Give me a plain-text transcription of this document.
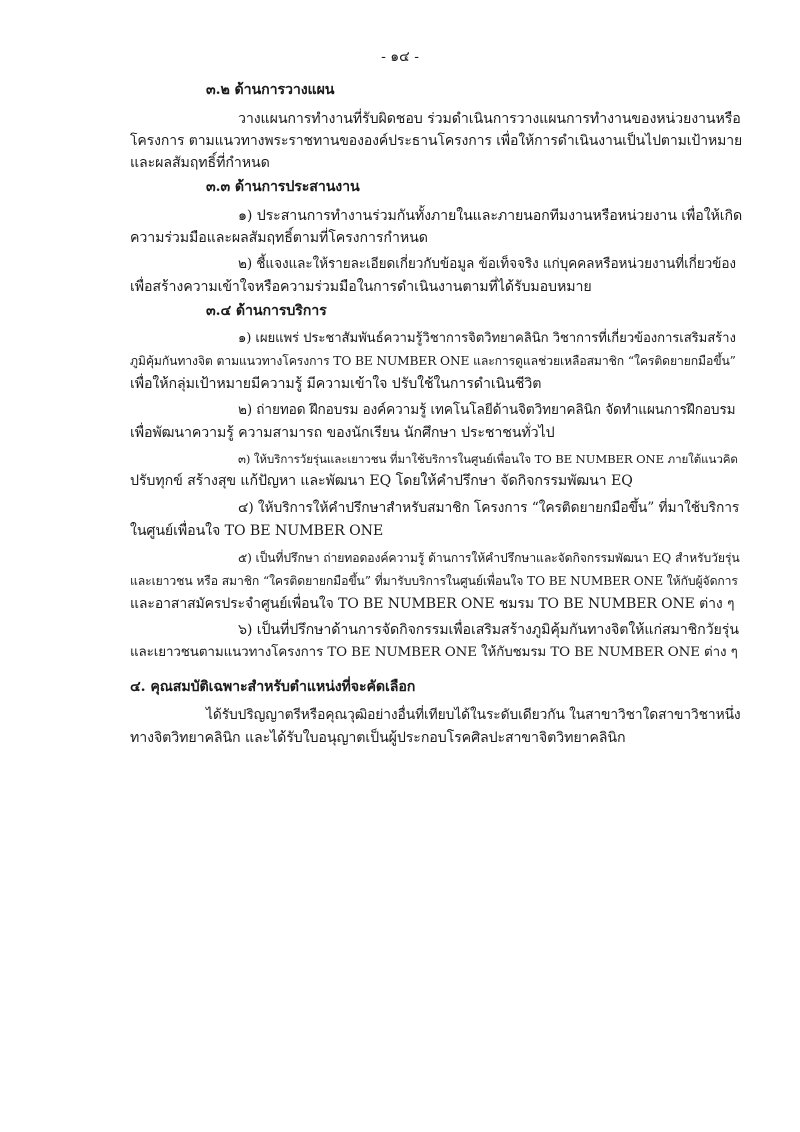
- ๑๔ -
๓.๒ ด้านการวางแผน
วางแผนการทำงานที่รับผิดชอบ ร่วมดำเนินการวางแผนการทำงานของหน่วยงานหรือ
โครงการ ตามแนวทางพระราชทานขององค์ประธานโครงการ เพื่อให้การดำเนินงานเป็นไปตามเป้าหมาย
และผลสัมฤทธิ์ที่กำหนด
๓.๓ ด้านการประสานงาน
๑) ประสานการทำงานร่วมกันทั้งภายในและภายนอกทีมงานหรือหน่วยงาน เพื่อให้เกิด
ความร่วมมือและผลสัมฤทธิ์ตามที่โครงการกำหนด
๒) ชี้แจงและให้รายละเอียดเกี่ยวกับข้อมูล ข้อเท็จจริง แก่บุคคลหรือหน่วยงานที่เกี่ยวข้อง
เพื่อสร้างความเข้าใจหรือความร่วมมือในการดำเนินงานตามที่ได้รับมอบหมาย
๓.๔ ด้านการบริการ
๑) เผยแพร่ ประชาสัมพันธ์ความรู้วิชาการจิตวิทยาคลินิก วิชาการที่เกี่ยวข้องการเสริมสร้าง
ภูมิคุ้มกันทางจิต ตามแนวทางโครงการ TO BE NUMBER ONE และการดูแลช่วยเหลือสมาชิก “ใครติดยายกมือขึ้น”
เพื่อให้กลุ่มเป้าหมายมีความรู้ มีความเข้าใจ ปรับใช้ในการดำเนินชีวิต
๒) ถ่ายทอด ฝึกอบรม องค์ความรู้ เทคโนโลยีด้านจิตวิทยาคลินิก จัดทำแผนการฝึกอบรม
เพื่อพัฒนาความรู้ ความสามารถ ของนักเรียน นักศึกษา ประชาชนทั่วไป
๓) ให้บริการวัยรุ่นและเยาวชน ที่มาใช้บริการในศูนย์เพื่อนใจ TO BE NUMBER ONE ภายใต้แนวคิด
ปรับทุกข์ สร้างสุข แก้ปัญหา และพัฒนา EQ โดยให้คำปรึกษา จัดกิจกรรมพัฒนา EQ
๔) ให้บริการให้คำปรึกษาสำหรับสมาชิก โครงการ “ใครติดยายกมือขึ้น” ที่มาใช้บริการ
ในศูนย์เพื่อนใจ TO BE NUMBER ONE
๕) เป็นที่ปรึกษา ถ่ายทอดองค์ความรู้ ด้านการให้คำปรึกษาและจัดกิจกรรมพัฒนา EQ สำหรับวัยรุ่น
และเยาวชน หรือ สมาชิก “ใครติดยายกมือขึ้น” ที่มารับบริการในศูนย์เพื่อนใจ TO BE NUMBER ONE ให้กับผู้จัดการ
และอาสาสมัครประจำศูนย์เพื่อนใจ TO BE NUMBER ONE ชมรม TO BE NUMBER ONE ต่าง ๆ
๖) เป็นที่ปรึกษาด้านการจัดกิจกรรมเพื่อเสริมสร้างภูมิคุ้มกันทางจิตให้แก่สมาชิกวัยรุ่น
และเยาวชนตามแนวทางโครงการ TO BE NUMBER ONE ให้กับชมรม TO BE NUMBER ONE ต่าง ๆ
๔. คุณสมบัติเฉพาะสำหรับตำแหน่งที่จะคัดเลือก
ได้รับปริญญาตรีหรือคุณวุฒิอย่างอื่นที่เทียบได้ในระดับเดียวกัน ในสาขาวิชาใดสาขาวิชาหนึ่ง
ทางจิตวิทยาคลินิก และได้รับใบอนุญาตเป็นผู้ประกอบโรคศิลปะสาขาจิตวิทยาคลินิก
